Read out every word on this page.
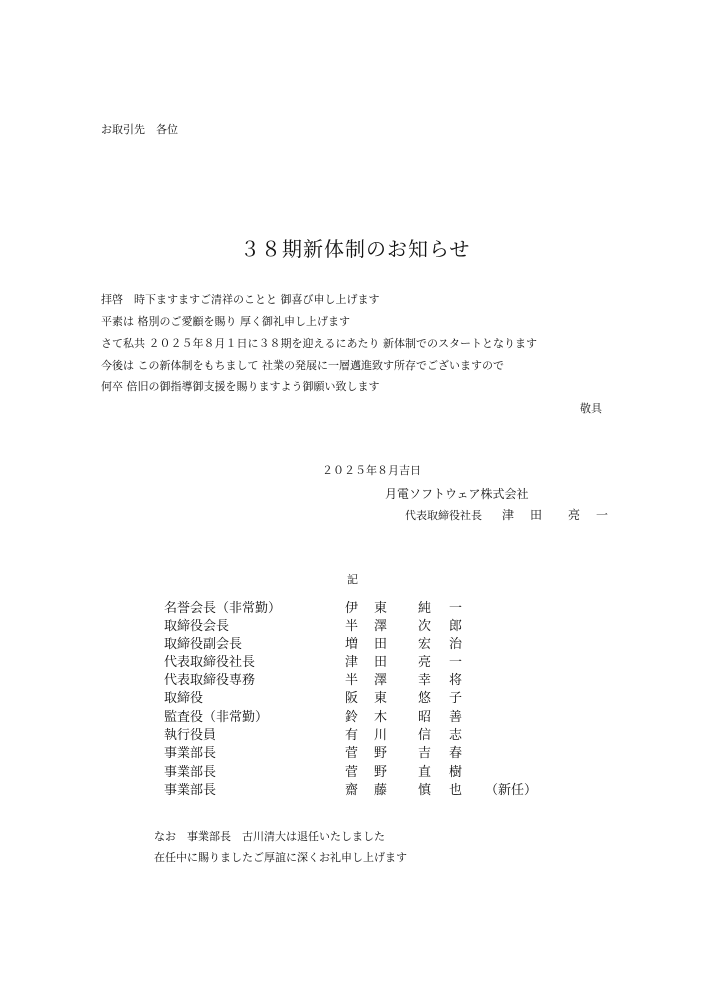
お取引先　各位
３８期新体制のお知らせ
拝啓　時下ますますご清祥のことと 御喜び申し上げます
平素は 格別のご愛顧を賜り 厚く御礼申し上げます
さて私共 ２０２５年８月１日に３８期を迎えるにあたり 新体制でのスタートとなります
今後は この新体制をもちまして 社業の発展に一層邁進致す所存でございますので
何卒 倍旧の御指導御支援を賜りますよう御願い致します
敬具
２０２５年８月吉日
月電ソフトウェア株式会社
代表取締役社長 津 田 亮 一
記
名誉会長（非常勤）	伊 東 純 一
取締役会長	半 澤 次 郎
取締役副会長	増 田 宏 治
代表取締役社長	津 田 亮 一
代表取締役専務	半 澤 幸 将
取締役	阪 東 悠 子
監査役（非常勤）	鈴 木 昭 善
執行役員	有 川 信 志
事業部長	菅 野 吉 春
事業部長	菅 野 直 樹
事業部長	齋 藤 慎 也 （新任）
なお　事業部長　古川清大は退任いたしました
在任中に賜りましたご厚誼に深くお礼申し上げます
